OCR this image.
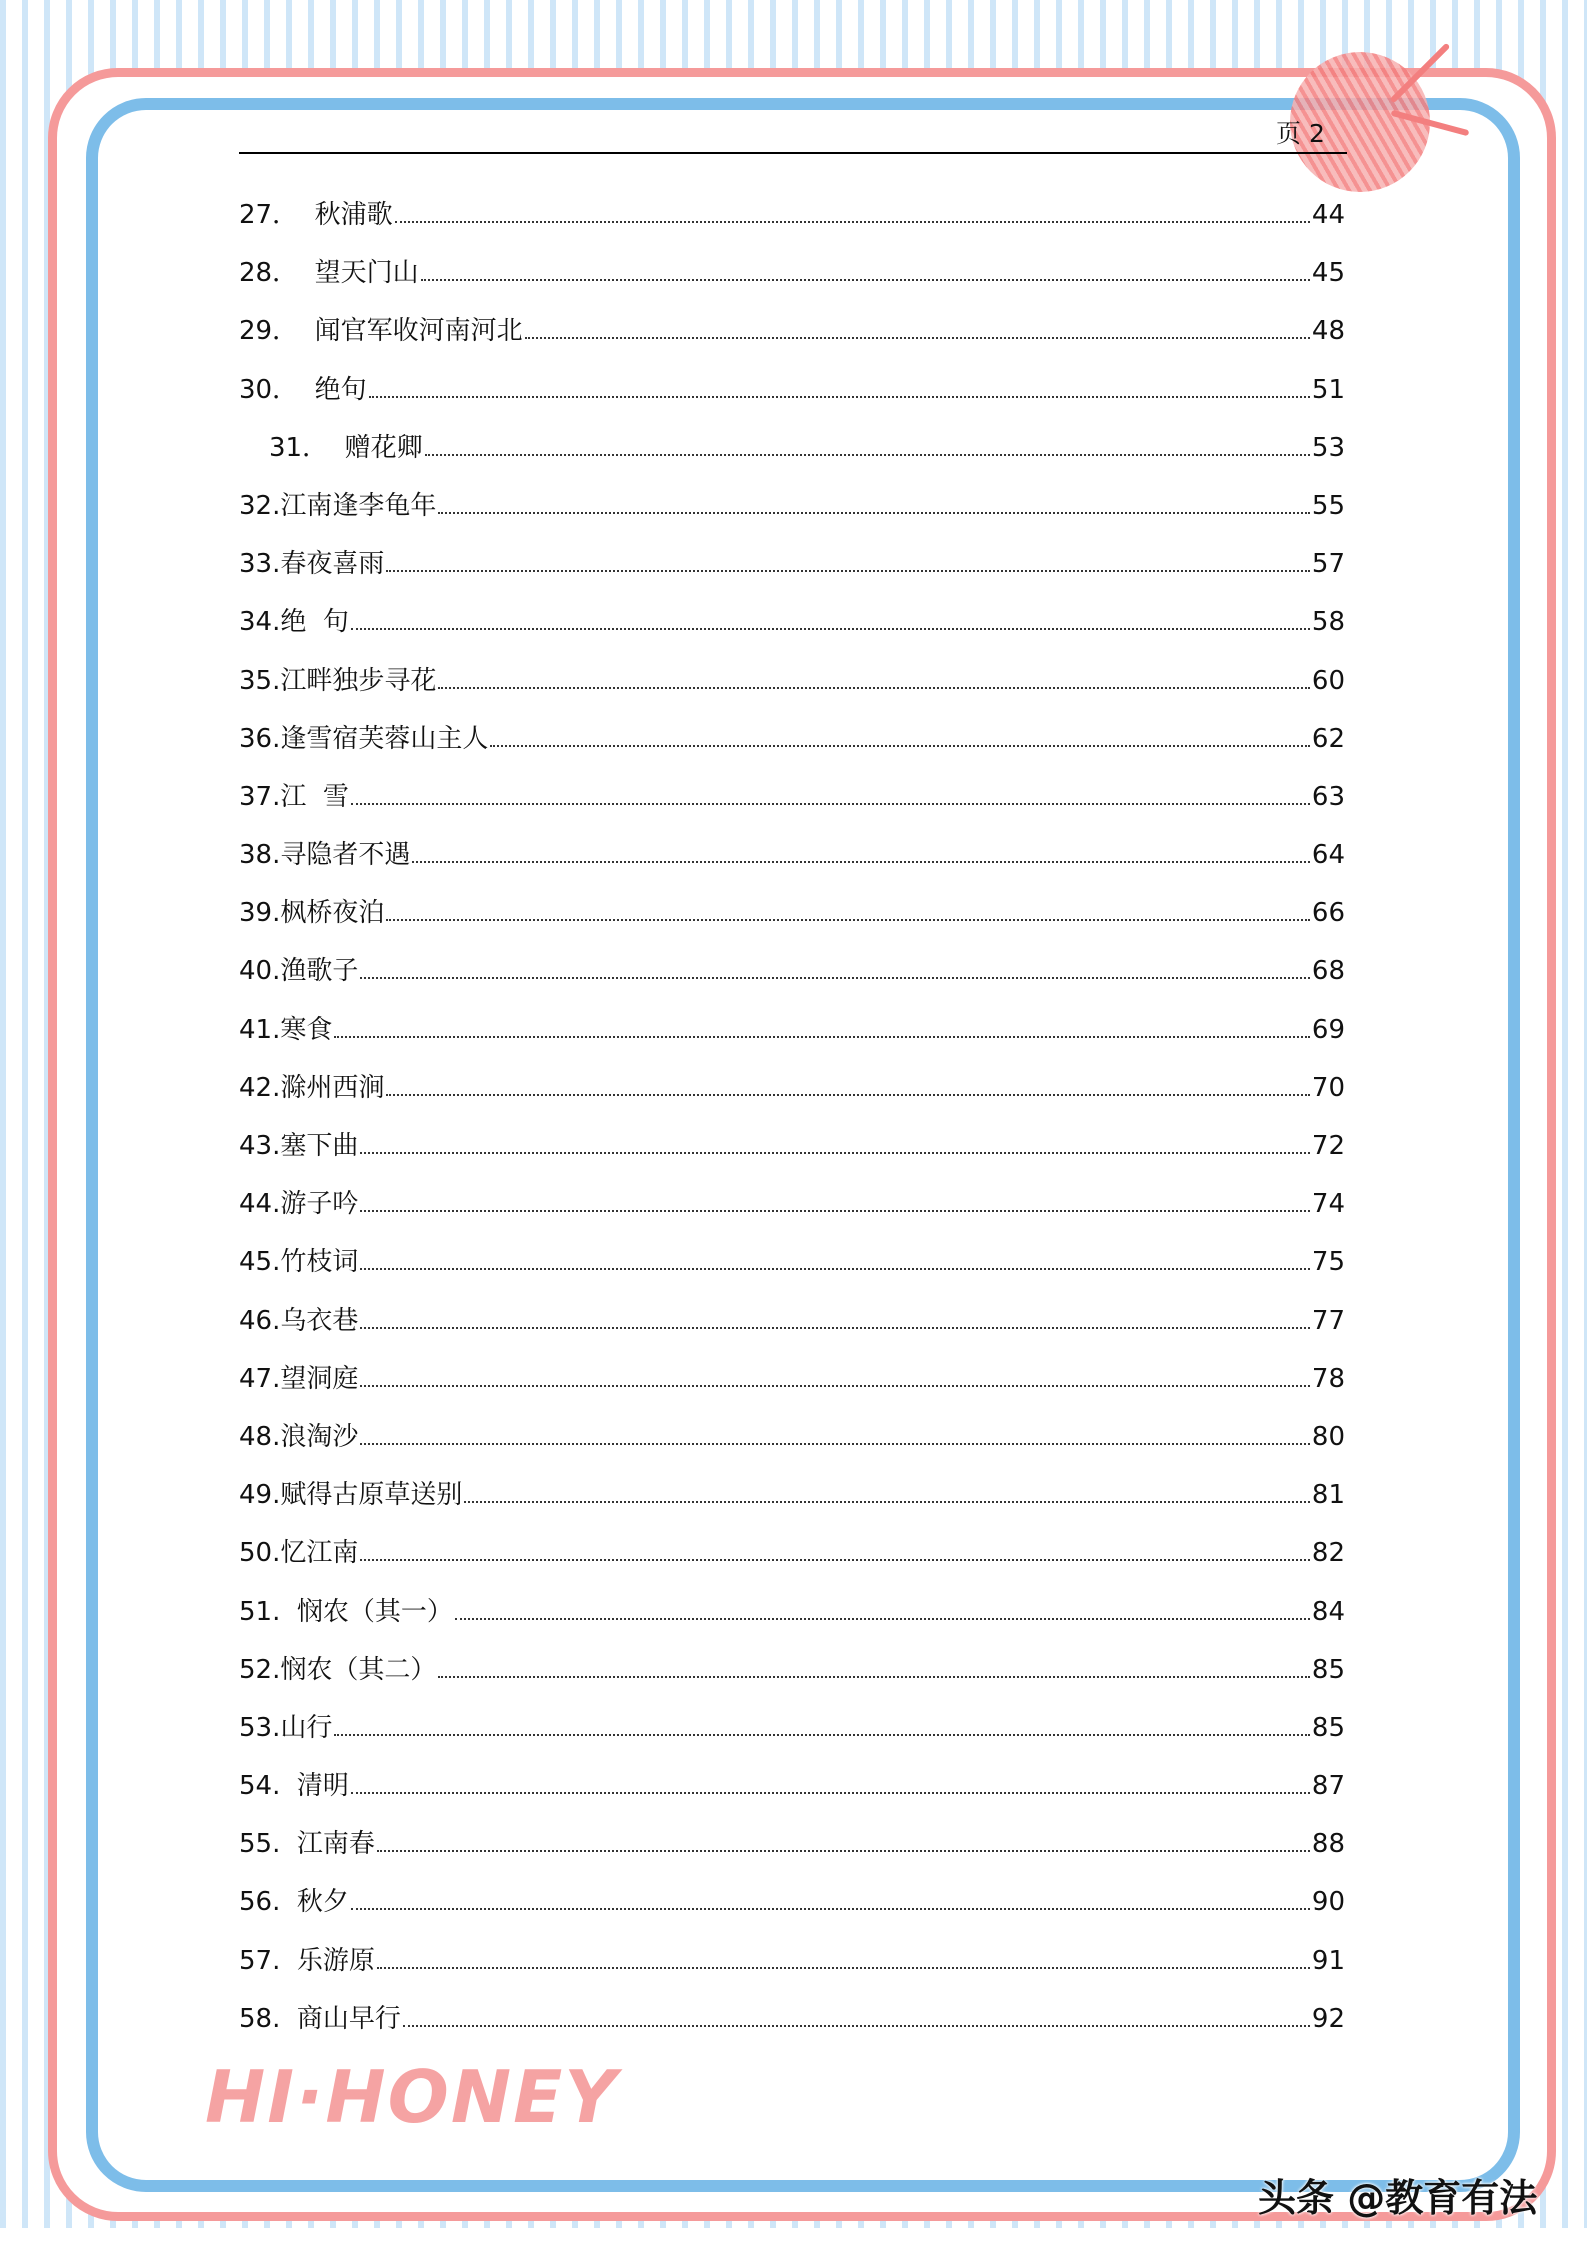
HI·HONEY
页 2
27．  秋浦歌	44
28．  望天门山	45
29．  闻官军收河南河北	48
30．  绝句	51
31．  赠花卿	53
32.江南逢李龟年	55
33.春夜喜雨	57
34.绝  句	58
35.江畔独步寻花	60
36.逢雪宿芙蓉山主人	62
37.江  雪	63
38.寻隐者不遇	64
39.枫桥夜泊	66
40.渔歌子	68
41.寒食	69
42.滁州西涧	70
43.塞下曲	72
44.游子吟	74
45.竹枝词	75
46.乌衣巷	77
47.望洞庭	78
48.浪淘沙	80
49.赋得古原草送别	81
50.忆江南	82
51.  悯农（其一）	84
52.悯农（其二）	85
53.山行	85
54.  清明	87
55.  江南春	88
56.  秋夕	90
57.  乐游原	91
58.  商山早行	92
头条 @教育有法
